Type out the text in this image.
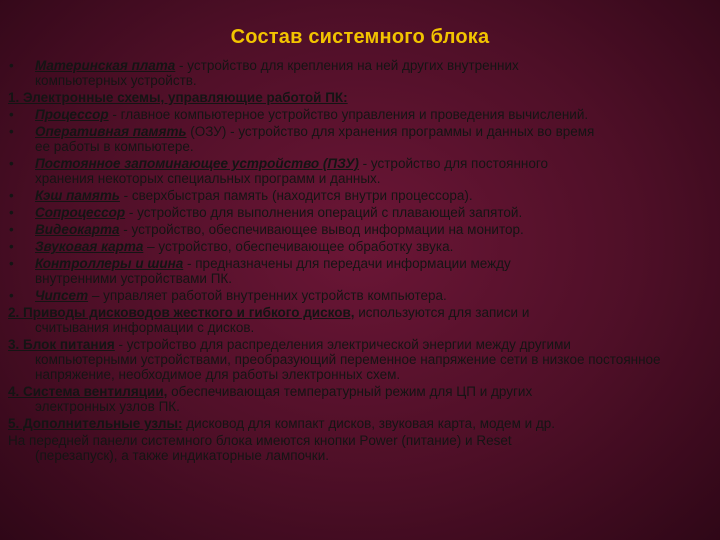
Состав системного блока
• Материнская плата - устройство для крепления на ней других внутренних
компьютерных устройств.
1. Электронные схемы, управляющие работой ПК:
• Процессор - главное компьютерное устройство управления и проведения вычислений.
• Оперативная память (ОЗУ) - устройство для хранения программы и данных во время
ее работы в компьютере.
• Постоянное запоминающее устройство (ПЗУ) - устройство для постоянного
хранения некоторых специальных программ и данных.
• Кэш память - сверхбыстрая память (находится внутри процессора).
• Сопроцессор - устройство для выполнения операций с плавающей запятой.
• Видеокарта - устройство, обеспечивающее вывод информации на монитор.
• Звуковая карта – устройство, обеспечивающее обработку звука.
• Контроллеры и шина - предназначены для передачи информации между
внутренними устройствами ПК.
• Чипсет – управляет работой внутренних устройств компьютера.
2. Приводы дисководов жесткого и гибкого дисков, используются для записи и
считывания информации с дисков.
3. Блок питания - устройство для распределения электрической энергии между другими
компьютерными устройствами, преобразующий переменное напряжение сети в низкое постоянное напряжение, необходимое для работы электронных схем.
4. Система вентиляции, обеспечивающая температурный режим для ЦП и других
электронных узлов ПК.
5. Дополнительные узлы: дисковод для компакт дисков, звуковая карта, модем и др.
На передней панели системного блока имеются кнопки Power (питание) и Reset
(перезапуск), а также индикаторные лампочки.
